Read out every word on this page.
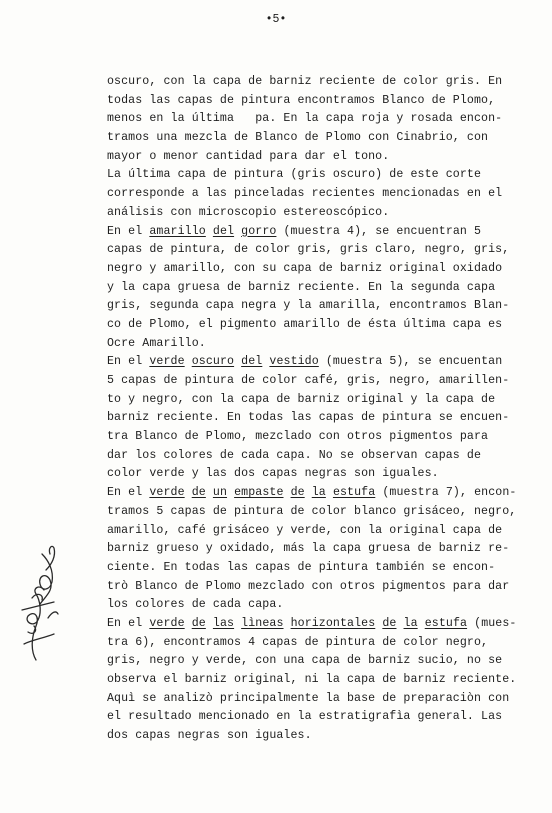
•5•
oscuro, con la capa de barniz reciente de color gris. En
todas las capas de pintura encontramos Blanco de Plomo,
menos en la última   pa. En la capa roja y rosada encon-
tramos una mezcla de Blanco de Plomo con Cinabrio, con
mayor o menor cantidad para dar el tono.
La última capa de pintura (gris oscuro) de este corte
corresponde a las pinceladas recientes mencionadas en el
análisis con microscopio estereoscópico.
En el amarillo del gorro (muestra 4), se encuentran 5
capas de pintura, de color gris, gris claro, negro, gris,
negro y amarillo, con su capa de barniz original oxidado
y la capa gruesa de barniz reciente. En la segunda capa
gris, segunda capa negra y la amarilla, encontramos Blan-
co de Plomo, el pigmento amarillo de ésta última capa es
Ocre Amarillo.
En el verde oscuro del vestido (muestra 5), se encuentan
5 capas de pintura de color café, gris, negro, amarillen-
to y negro, con la capa de barniz original y la capa de
barniz reciente. En todas las capas de pintura se encuen-
tra Blanco de Plomo, mezclado con otros pigmentos para
dar los colores de cada capa. No se observan capas de
color verde y las dos capas negras son iguales.
En el verde de un empaste de la estufa (muestra 7), encon-
tramos 5 capas de pintura de color blanco grisáceo, negro,
amarillo, café grisáceo y verde, con la original capa de
barniz grueso y oxidado, más la capa gruesa de barniz re-
ciente. En todas las capas de pintura también se encon-
trò Blanco de Plomo mezclado con otros pigmentos para dar
los colores de cada capa.
En el verde de las lìneas horizontales de la estufa (mues-
tra 6), encontramos 4 capas de pintura de color negro,
gris, negro y verde, con una capa de barniz sucio, no se
observa el barniz original, ni la capa de barniz reciente.
Aquì se analizò principalmente la base de preparaciòn con
el resultado mencionado en la estratigrafìa general. Las
dos capas negras son iguales.
